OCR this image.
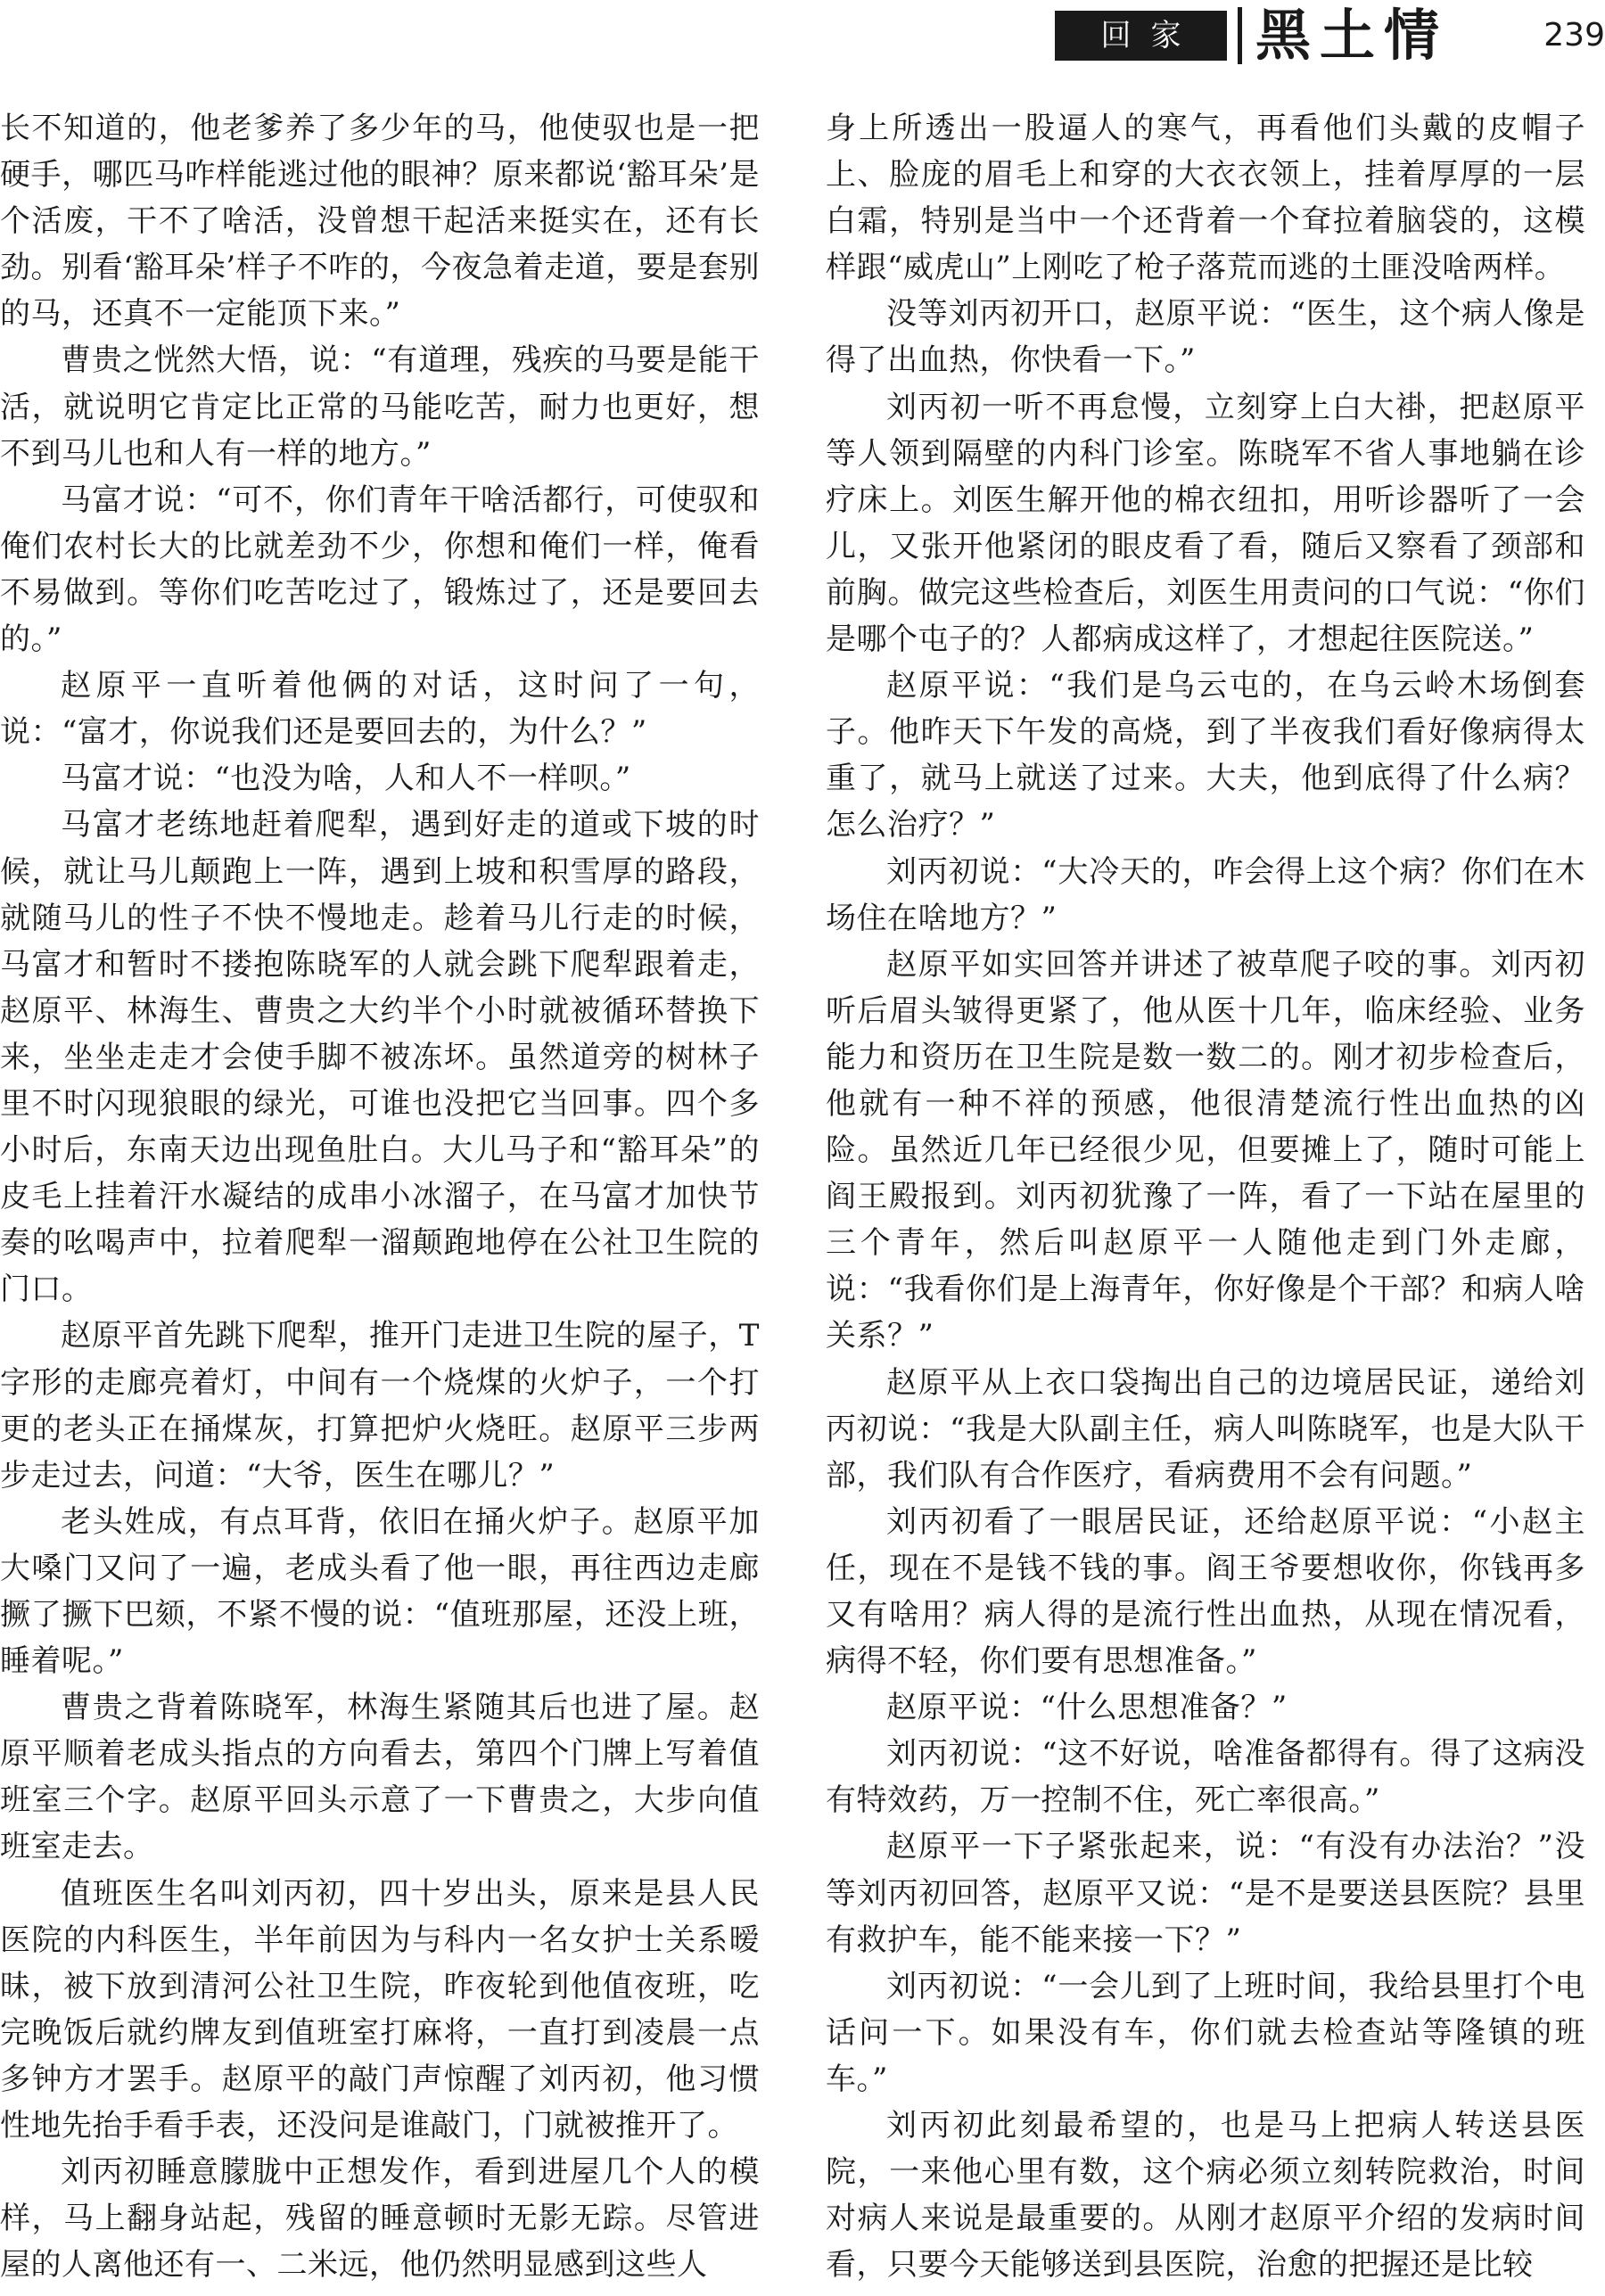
回家 黑土情	239

长不知道的，他老爹养了多少年的马，他使驭也是一把硬手，哪匹马咋样能逃过他的眼神？原来都说‘豁耳朵’是个活废，干不了啥活，没曾想干起活来挺实在，还有长劲。别看‘豁耳朵’样子不咋的，今夜急着走道，要是套别的马，还真不一定能顶下来。”

曹贵之恍然大悟，说：“有道理，残疾的马要是能干活，就说明它肯定比正常的马能吃苦，耐力也更好，想不到马儿也和人有一样的地方。”

马富才说：“可不，你们青年干啥活都行，可使驭和俺们农村长大的比就差劲不少，你想和俺们一样，俺看不易做到。等你们吃苦吃过了，锻炼过了，还是要回去的。”

赵原平一直听着他俩的对话，这时问了一句，说：“富才，你说我们还是要回去的，为什么？”

马富才说：“也没为啥，人和人不一样呗。”

马富才老练地赶着爬犁，遇到好走的道或下坡的时候，就让马儿颠跑上一阵，遇到上坡和积雪厚的路段，就随马儿的性子不快不慢地走。趁着马儿行走的时候，马富才和暂时不搂抱陈晓军的人就会跳下爬犁跟着走，赵原平、林海生、曹贵之大约半个小时就被循环替换下来，坐坐走走才会使手脚不被冻坏。虽然道旁的树林子里不时闪现狼眼的绿光，可谁也没把它当回事。四个多小时后，东南天边出现鱼肚白。大儿马子和“豁耳朵”的皮毛上挂着汗水凝结的成串小冰溜子，在马富才加快节奏的吆喝声中，拉着爬犁一溜颠跑地停在公社卫生院的门口。

赵原平首先跳下爬犁，推开门走进卫生院的屋子，T字形的走廊亮着灯，中间有一个烧煤的火炉子，一个打更的老头正在捅煤灰，打算把炉火烧旺。赵原平三步两步走过去，问道：“大爷，医生在哪儿？”

老头姓成，有点耳背，依旧在捅火炉子。赵原平加大嗓门又问了一遍，老成头看了他一眼，再往西边走廊撅了撅下巴颏，不紧不慢的说：“值班那屋，还没上班，睡着呢。”

曹贵之背着陈晓军，林海生紧随其后也进了屋。赵原平顺着老成头指点的方向看去，第四个门牌上写着值班室三个字。赵原平回头示意了一下曹贵之，大步向值班室走去。

值班医生名叫刘丙初，四十岁出头，原来是县人民医院的内科医生，半年前因为与科内一名女护士关系暧昧，被下放到清河公社卫生院，昨夜轮到他值夜班，吃完晚饭后就约牌友到值班室打麻将，一直打到凌晨一点多钟方才罢手。赵原平的敲门声惊醒了刘丙初，他习惯性地先抬手看手表，还没问是谁敲门，门就被推开了。

刘丙初睡意朦胧中正想发作，看到进屋几个人的模样，马上翻身站起，残留的睡意顿时无影无踪。尽管进屋的人离他还有一、二米远，他仍然明显感到这些人

身上所透出一股逼人的寒气，再看他们头戴的皮帽子上、脸庞的眉毛上和穿的大衣衣领上，挂着厚厚的一层白霜，特别是当中一个还背着一个耷拉着脑袋的，这模样跟“威虎山”上刚吃了枪子落荒而逃的土匪没啥两样。

没等刘丙初开口，赵原平说：“医生，这个病人像是得了出血热，你快看一下。”

刘丙初一听不再怠慢，立刻穿上白大褂，把赵原平等人领到隔壁的内科门诊室。陈晓军不省人事地躺在诊疗床上。刘医生解开他的棉衣纽扣，用听诊器听了一会儿，又张开他紧闭的眼皮看了看，随后又察看了颈部和前胸。做完这些检查后，刘医生用责问的口气说：“你们是哪个屯子的？人都病成这样了，才想起往医院送。”

赵原平说：“我们是乌云屯的，在乌云岭木场倒套子。他昨天下午发的高烧，到了半夜我们看好像病得太重了，就马上就送了过来。大夫，他到底得了什么病？怎么治疗？”

刘丙初说：“大冷天的，咋会得上这个病？你们在木场住在啥地方？”

赵原平如实回答并讲述了被草爬子咬的事。刘丙初听后眉头皱得更紧了，他从医十几年，临床经验、业务能力和资历在卫生院是数一数二的。刚才初步检查后，他就有一种不祥的预感，他很清楚流行性出血热的凶险。虽然近几年已经很少见，但要摊上了，随时可能上阎王殿报到。刘丙初犹豫了一阵，看了一下站在屋里的三个青年，然后叫赵原平一人随他走到门外走廊，说：“我看你们是上海青年，你好像是个干部？和病人啥关系？”

赵原平从上衣口袋掏出自己的边境居民证，递给刘丙初说：“我是大队副主任，病人叫陈晓军，也是大队干部，我们队有合作医疗，看病费用不会有问题。”

刘丙初看了一眼居民证，还给赵原平说：“小赵主任，现在不是钱不钱的事。阎王爷要想收你，你钱再多又有啥用？病人得的是流行性出血热，从现在情况看，病得不轻，你们要有思想准备。”

赵原平说：“什么思想准备？”

刘丙初说：“这不好说，啥准备都得有。得了这病没有特效药，万一控制不住，死亡率很高。”

赵原平一下子紧张起来，说：“有没有办法治？”没等刘丙初回答，赵原平又说：“是不是要送县医院？县里有救护车，能不能来接一下？”

刘丙初说：“一会儿到了上班时间，我给县里打个电话问一下。如果没有车，你们就去检查站等隆镇的班车。”

刘丙初此刻最希望的，也是马上把病人转送县医院，一来他心里有数，这个病必须立刻转院救治，时间对病人来说是最重要的。从刚才赵原平介绍的发病时间看，只要今天能够送到县医院，治愈的把握还是比较
